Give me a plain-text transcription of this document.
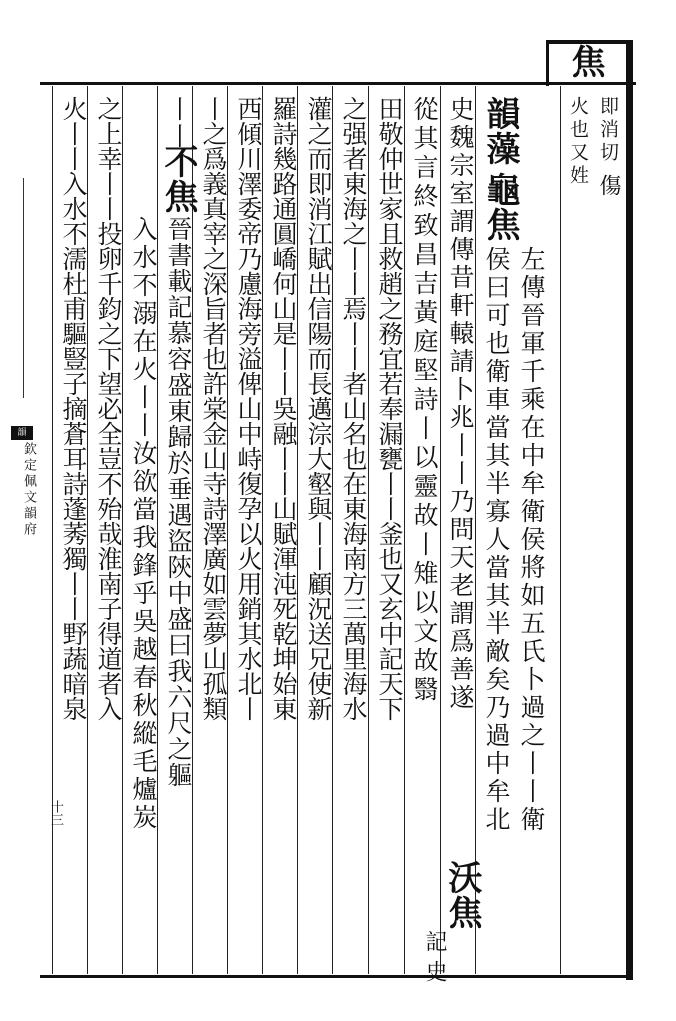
焦
即消切
傷
火也又姓
韻藻
龜焦
左傳晉軍千乘在中牟衛侯將如五氏卜過之丨丨衛
侯曰可也衛車當其半寡人當其半敵矣乃過中牟北
史魏宗室謂傳昔軒轅請卜兆丨丨乃問天老謂爲善遂
從其言終致昌吉黃庭堅詩丨以靈故丨雉以文故翳
田敬仲世家且救趙之務宜若奉漏甕丨丨釜也又玄中記天下
之强者東海之丨丨焉丨丨者山名也在東海南方三萬里海水
灌之而即消江賦出信陽而長邁淙大壑與丨丨顧況送兄使新
羅詩幾路通圓嶠何山是丨丨吳融丨丨山賦渾沌死乾坤始東
西傾川澤委帝乃慮海旁溢俾山中峙復孕以火用銷其水北丨
丨之爲義真宰之深旨者也許棠金山寺詩澤廣如雲夢山孤類
丨丨
不焦
晉書載記慕容盛東歸於垂遇盜陝中盛曰我六尺之軀
入水不溺在火丨丨汝欲當我鋒乎吳越春秋縱毛爐炭
之上幸丨丨投卵千鈞之下望必全豈不殆哉淮南子得道者入
火丨丨入水不濡杜甫驅豎子摘蒼耳詩蓬莠獨丨丨野蔬暗泉
沃焦
記史
韻
欽定佩文韻府
十三
